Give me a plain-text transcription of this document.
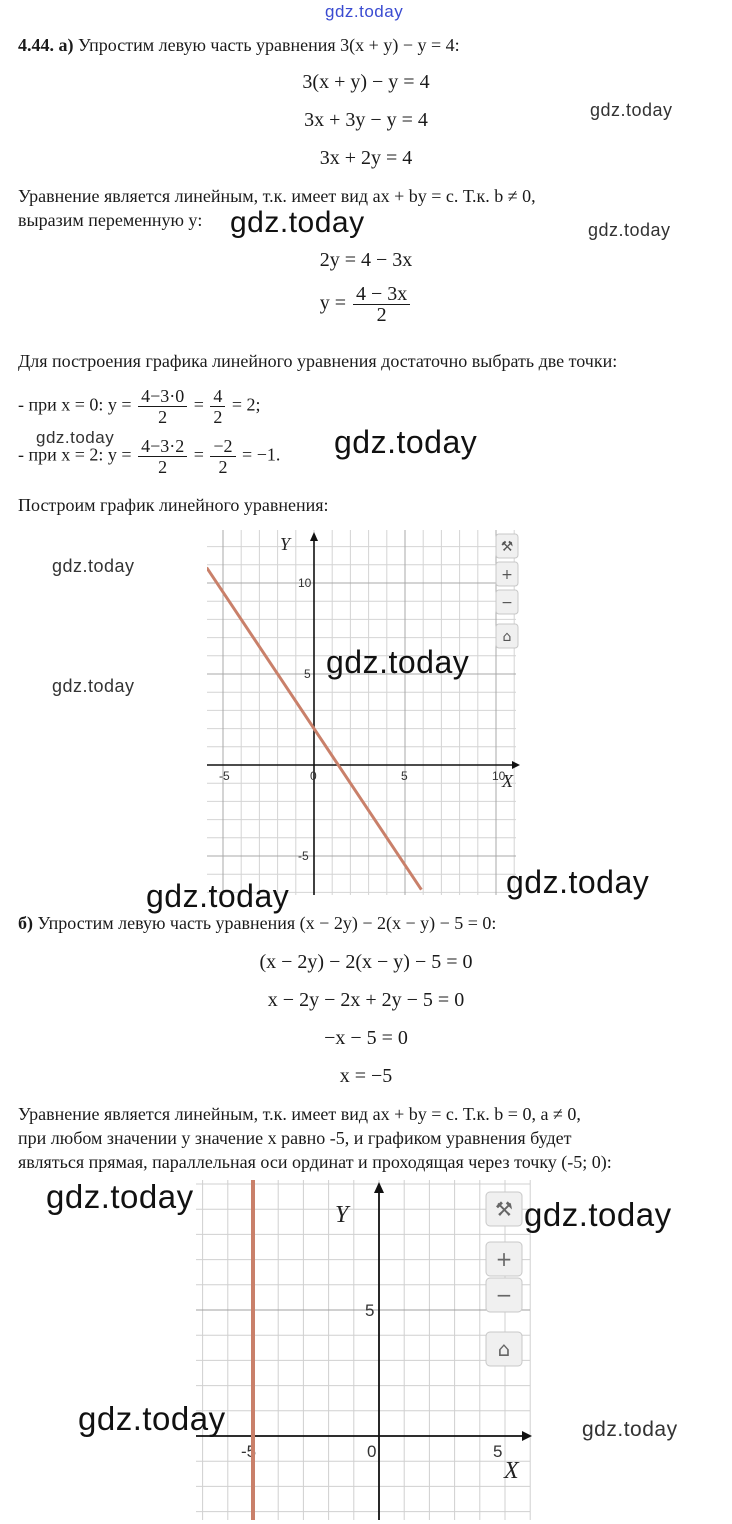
gdz.today
4.44. а) Упростим левую часть уравнения 3(x + y) − y = 4:
3(x + y) − y = 4
3x + 3y − y = 4
3x + 2y = 4
Уравнение является линейным, т.к. имеет вид ax + by = c. Т.к. b ≠ 0,
выразим переменную y:
2y = 4 − 3x
$y = \frac{4 - 3x}{2}$
Для построения графика линейного уравнения достаточно выбрать две точки:
- при x = 0: $y = \frac{4-3\cdot 0}{2} = \frac{4}{2} = 2$;
- при x = 2: $y = \frac{4-3\cdot 2}{2} = \frac{-2}{2} = -1$.
Построим график линейного уравнения:
Y
X
-5	0	5	10
10
5
-5
⚒
+
−
⌂
б) Упростим левую часть уравнения (x − 2y) − 2(x − y) − 5 = 0:
(x − 2y) − 2(x − y) − 5 = 0
x − 2y − 2x + 2y − 5 = 0
−x − 5 = 0
x = −5
Уравнение является линейным, т.к. имеет вид ax + by = c. Т.к. b = 0, a ≠ 0,
при любом значении y значение x равно -5, и графиком уравнения будет
являться прямая, параллельная оси ординат и проходящая через точку (-5; 0):
Y
X
-5	0	5
5
⚒
+
−
⌂
gdz.today
gdz.today	gdz.today
gdz.today	gdz.today
gdz.today
gdz.today
gdz.today
gdz.today	gdz.today
gdz.today	gdz.today
gdz.today	gdz.today
